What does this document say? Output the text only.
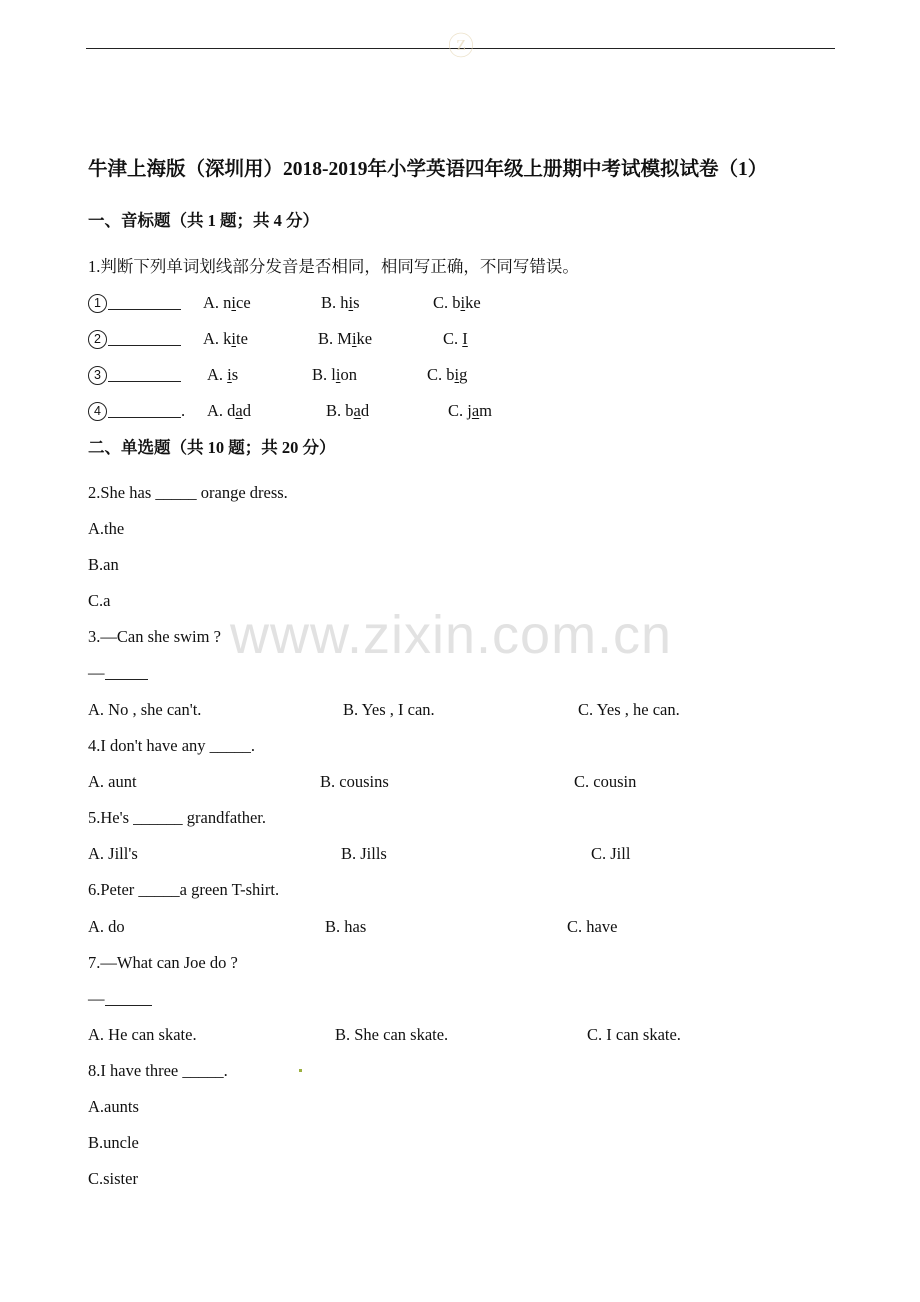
ⓩ
www.zixin.com.cn
牛津上海版（深圳用）2018-2019年小学英语四年级上册期中考试模拟试卷（1）
一、音标题（共 1 题；共 4 分）
1.判断下列单词划线部分发音是否相同，相同写正确，不同写错误。
1	A. nice	B. his	C. bike
2	A. kite	B. Mike	C. I
3	A. is	B. lion	C. big
4	. A. dad	B. bad	C. jam
二、单选题（共 10 题；共 20 分）
2.She has _____ orange dress.
A.the
B.an
C.a
3.—Can she swim ?
—
A. No , she can't.	B. Yes , I can.	C. Yes , he can.
4.I don't have any _____.
A. aunt	B. cousins	C. cousin
5.He's ______ grandfather.
A. Jill's	B. Jills	C. Jill
6.Peter _____a green T-shirt.
A. do	B. has	C. have
7.—What can Joe do ?
—
A. He can skate.	B. She can skate.	C. I can skate.
8.I have three _____.
A.aunts
B.uncle
C.sister
